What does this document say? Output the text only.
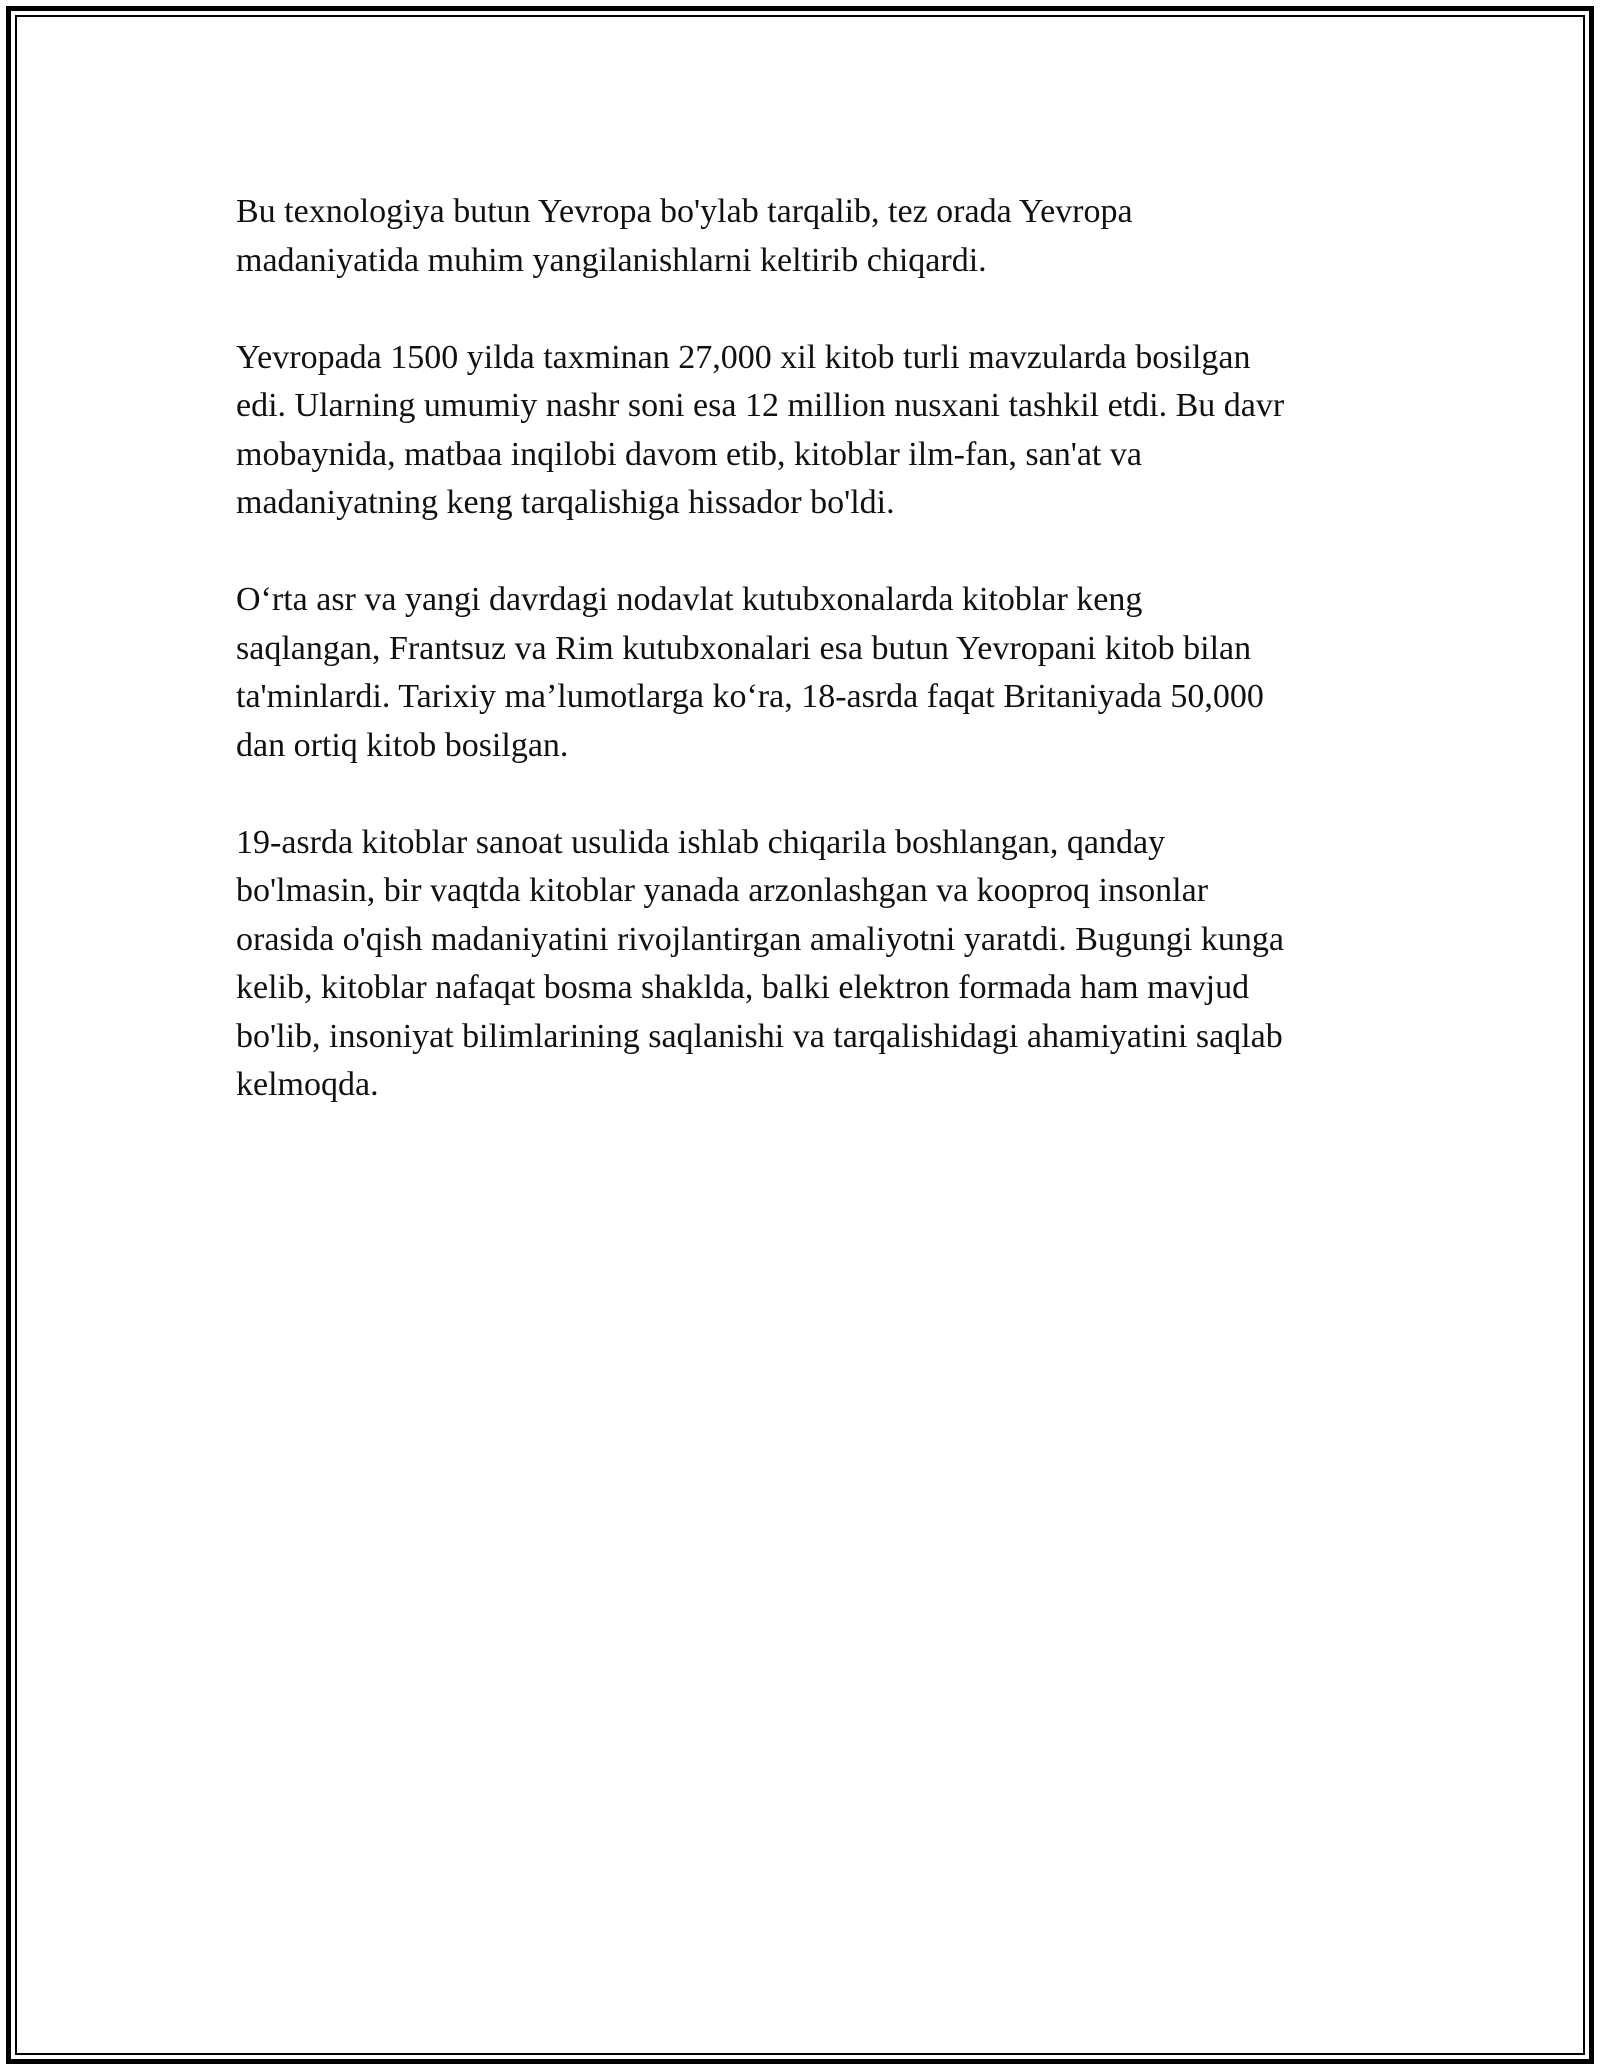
Bu texnologiya butun Yevropa bo'ylab tarqalib, tez orada Yevropa
madaniyatida muhim yangilanishlarni keltirib chiqardi.

Yevropada 1500 yilda taxminan 27,000 xil kitob turli mavzularda bosilgan
edi. Ularning umumiy nashr soni esa 12 million nusxani tashkil etdi. Bu davr
mobaynida, matbaa inqilobi davom etib, kitoblar ilm-fan, san'at va
madaniyatning keng tarqalishiga hissador bo'ldi.

O‘rta asr va yangi davrdagi nodavlat kutubxonalarda kitoblar keng
saqlangan, Frantsuz va Rim kutubxonalari esa butun Yevropani kitob bilan
ta'minlardi. Tarixiy ma’lumotlarga ko‘ra, 18-asrda faqat Britaniyada 50,000
dan ortiq kitob bosilgan.

19-asrda kitoblar sanoat usulida ishlab chiqarila boshlangan, qanday
bo'lmasin, bir vaqtda kitoblar yanada arzonlashgan va kooproq insonlar
orasida o'qish madaniyatini rivojlantirgan amaliyotni yaratdi. Bugungi kunga
kelib, kitoblar nafaqat bosma shaklda, balki elektron formada ham mavjud
bo'lib, insoniyat bilimlarining saqlanishi va tarqalishidagi ahamiyatini saqlab
kelmoqda.
